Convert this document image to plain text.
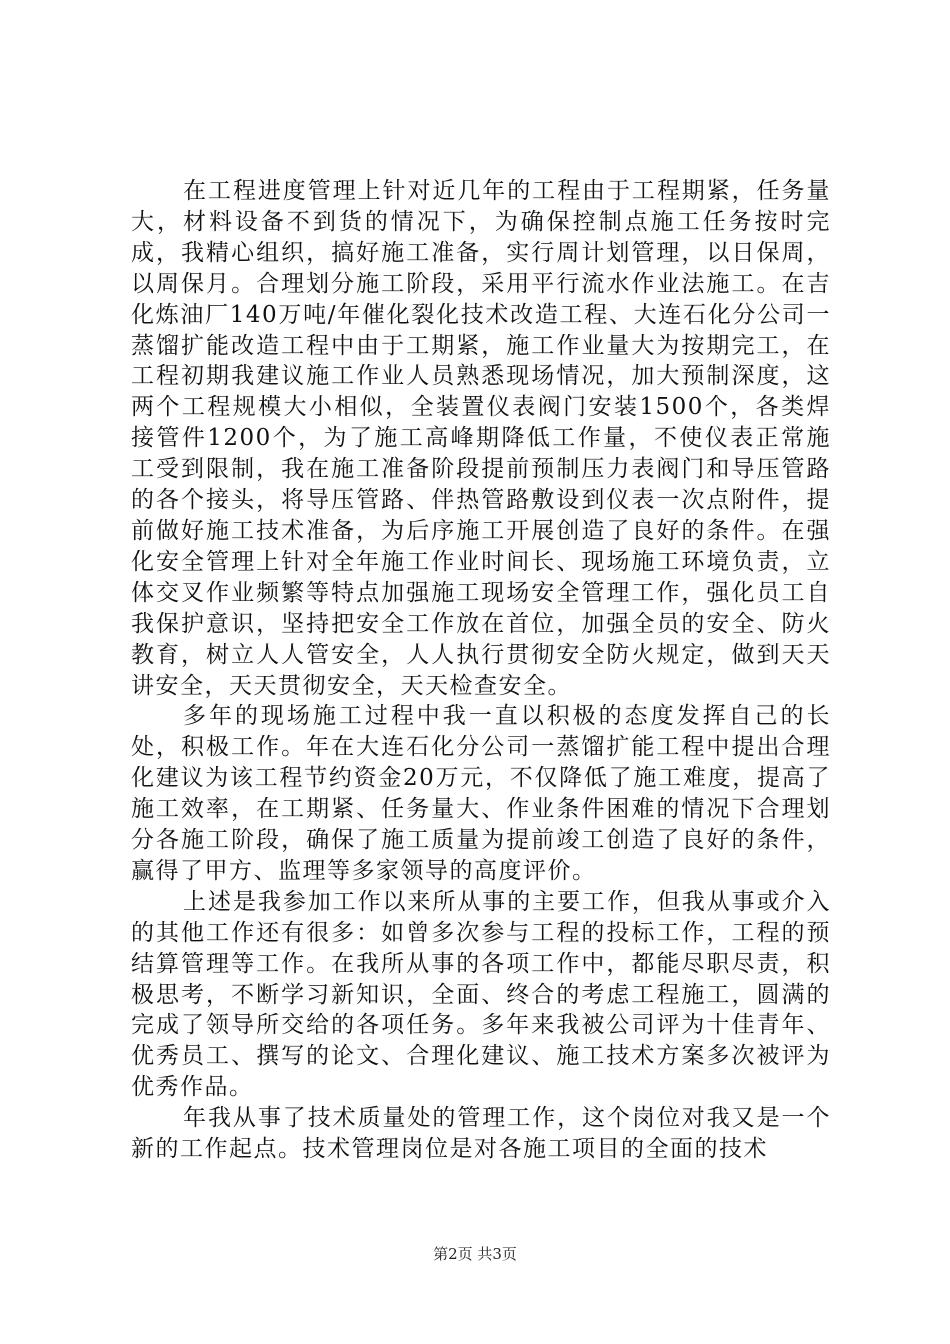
在工程进度管理上针对近几年的工程由于工程期紧，任务量大，材料设备不到货的情况下，为确保控制点施工任务按时完成，我精心组织，搞好施工准备，实行周计划管理，以日保周，以周保月。合理划分施工阶段，采用平行流水作业法施工。在吉化炼油厂140万吨/年催化裂化技术改造工程、大连石化分公司一蒸馏扩能改造工程中由于工期紧，施工作业量大为按期完工，在工程初期我建议施工作业人员熟悉现场情况，加大预制深度，这两个工程规模大小相似，全装置仪表阀门安装1500个，各类焊接管件1200个，为了施工高峰期降低工作量，不使仪表正常施工受到限制，我在施工准备阶段提前预制压力表阀门和导压管路的各个接头，将导压管路、伴热管路敷设到仪表一次点附件，提前做好施工技术准备，为后序施工开展创造了良好的条件。在强化安全管理上针对全年施工作业时间长、现场施工环境负责，立体交叉作业频繁等特点加强施工现场安全管理工作，强化员工自我保护意识，坚持把安全工作放在首位，加强全员的安全、防火教育，树立人人管安全，人人执行贯彻安全防火规定，做到天天讲安全，天天贯彻安全，天天检查安全。

多年的现场施工过程中我一直以积极的态度发挥自己的长处，积极工作。年在大连石化分公司一蒸馏扩能工程中提出合理化建议为该工程节约资金20万元，不仅降低了施工难度，提高了施工效率，在工期紧、任务量大、作业条件困难的情况下合理划分各施工阶段，确保了施工质量为提前竣工创造了良好的条件，赢得了甲方、监理等多家领导的高度评价。

上述是我参加工作以来所从事的主要工作，但我从事或介入的其他工作还有很多：如曾多次参与工程的投标工作，工程的预结算管理等工作。在我所从事的各项工作中，都能尽职尽责，积极思考，不断学习新知识，全面、终合的考虑工程施工，圆满的完成了领导所交给的各项任务。多年来我被公司评为十佳青年、优秀员工、撰写的论文、合理化建议、施工技术方案多次被评为优秀作品。

年我从事了技术质量处的管理工作，这个岗位对我又是一个新的工作起点。技术管理岗位是对各施工项目的全面的技术

第2页 共3页
